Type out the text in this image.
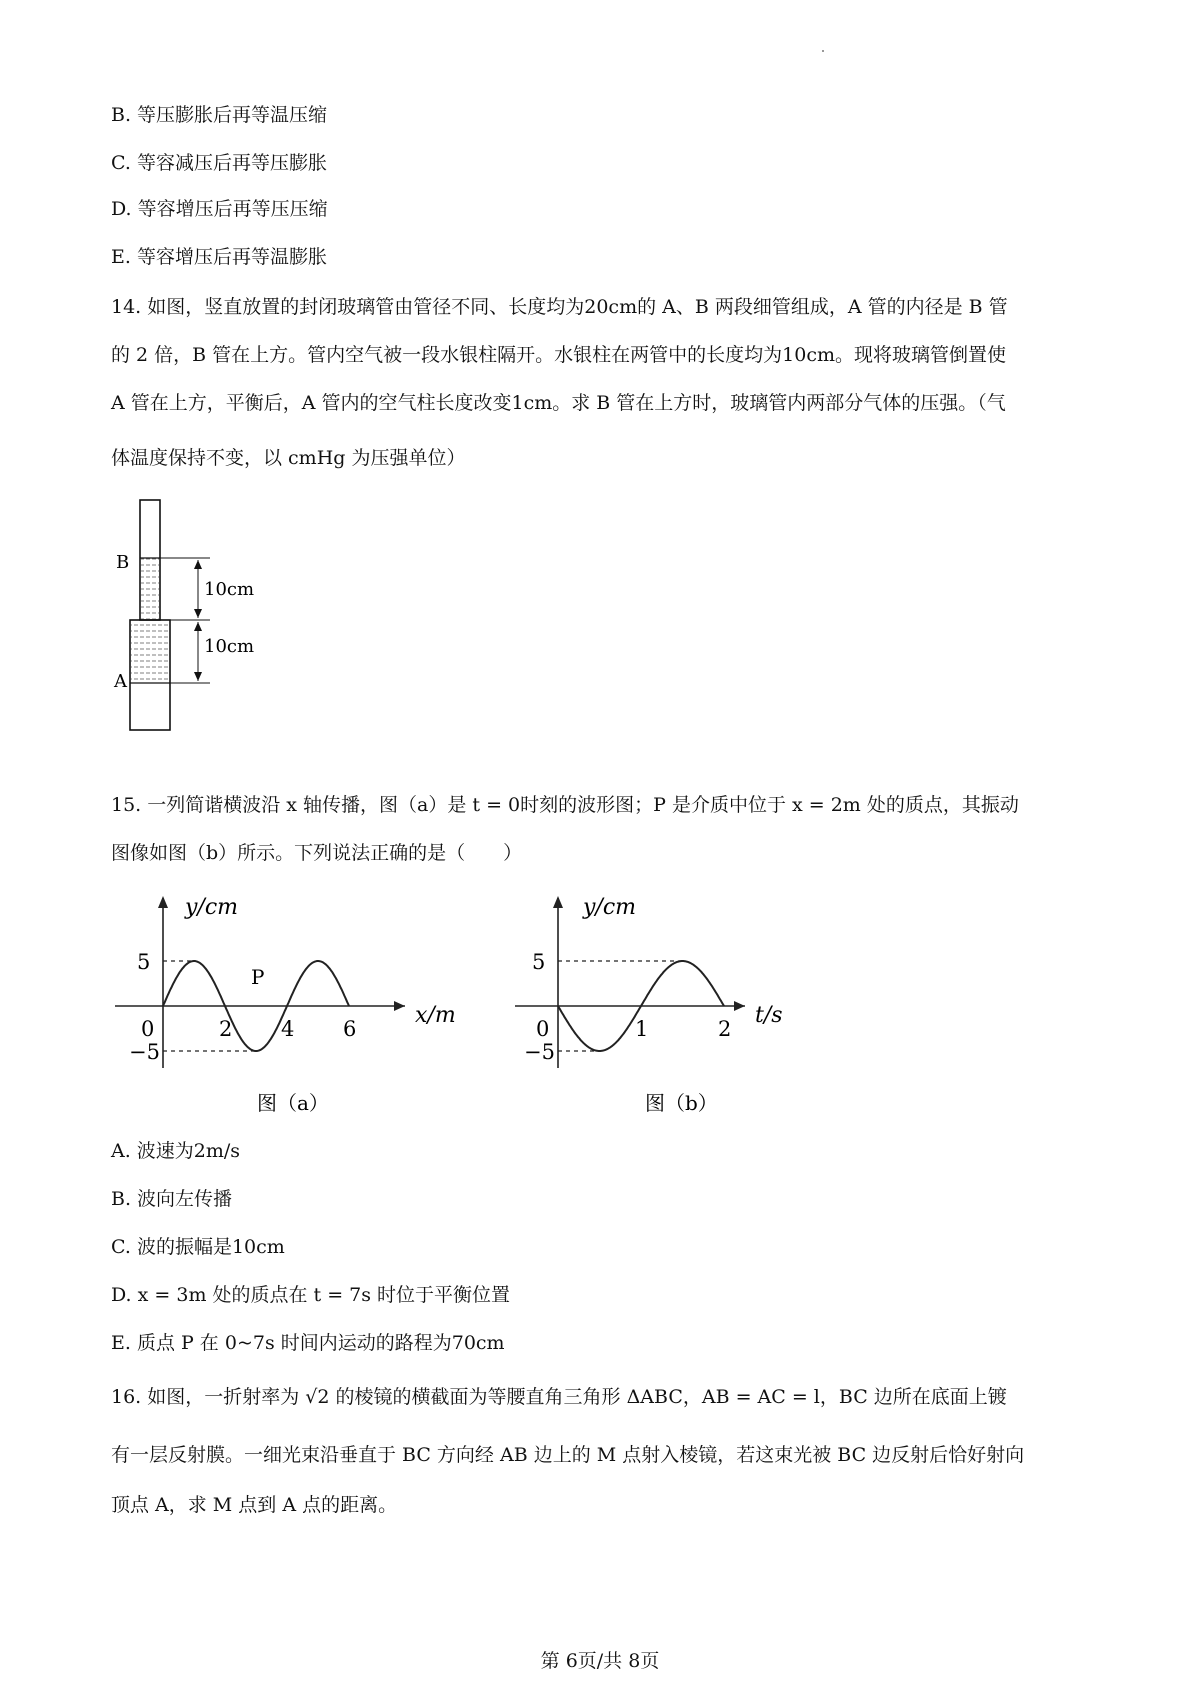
B. 等压膨胀后再等温压缩
C. 等容减压后再等压膨胀
D. 等容增压后再等压压缩
E. 等容增压后再等温膨胀
14. 如图，竖直放置的封闭玻璃管由管径不同、长度均为20cm的 A、B 两段细管组成，A 管的内径是 B 管
的 2 倍，B 管在上方。管内空气被一段水银柱隔开。水银柱在两管中的长度均为10cm。现将玻璃管倒置使
A 管在上方，平衡后，A 管内的空气柱长度改变1cm。求 B 管在上方时，玻璃管内两部分气体的压强。（气
体温度保持不变，以 cmHg 为压强单位）
B
A
10cm
10cm
15. 一列简谐横波沿 x 轴传播，图（a）是 t = 0时刻的波形图；P 是介质中位于 x = 2m 处的质点，其振动
图像如图（b）所示。下列说法正确的是（　　）
5
−5
0	2 4 6
y/cm
x/m
图（a）
P
5
−5
0	1	2
y/cm
t/s
图（b）
A. 波速为2m/s
B. 波向左传播
C. 波的振幅是10cm
D. x = 3m 处的质点在 t = 7s 时位于平衡位置
E. 质点 P 在 0~7s 时间内运动的路程为70cm
16. 如图，一折射率为 √2 的棱镜的横截面为等腰直角三角形 ΔABC，AB = AC = l，BC 边所在底面上镀
有一层反射膜。一细光束沿垂直于 BC 方向经 AB 边上的 M 点射入棱镜，若这束光被 BC 边反射后恰好射向
顶点 A，求 M 点到 A 点的距离。
第 6页/共 8页
